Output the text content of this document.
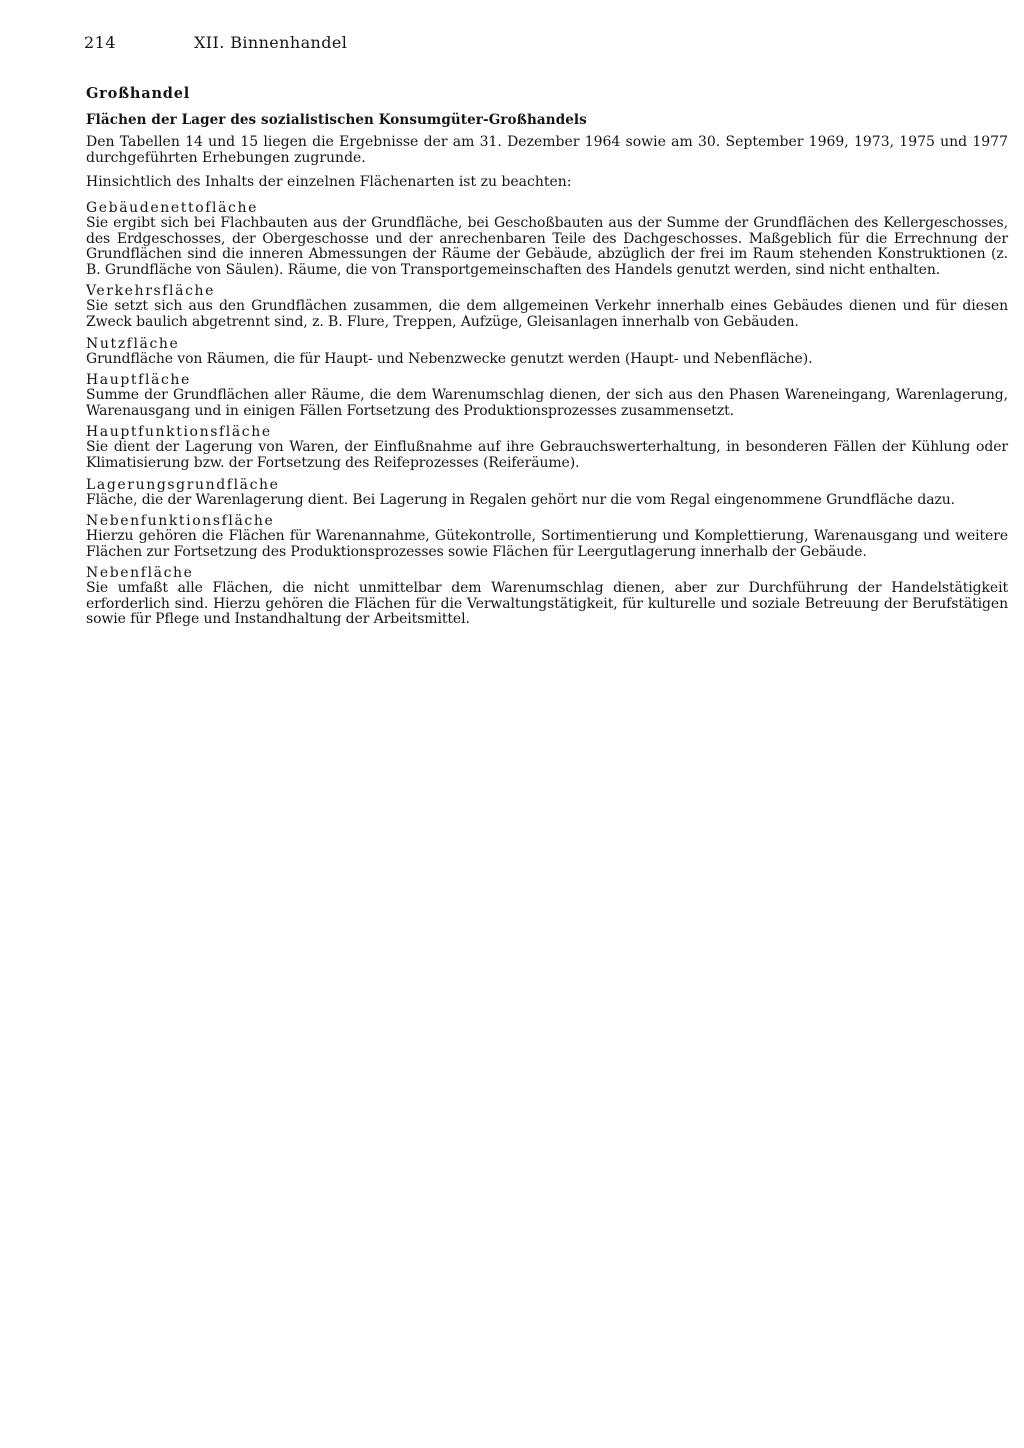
214	XII. Binnenhandel
Großhandel
Flächen der Lager des sozialistischen Konsumgüter-Großhandels

Den Tabellen 14 und 15 liegen die Ergebnisse der am 31. Dezember 1964 sowie am 30. September 1969, 1973, 1975 und 1977 durchgeführten Erhebungen zugrunde.

Hinsichtlich des Inhalts der einzelnen Flächenarten ist zu beachten:

Gebäudenettofläche
Sie ergibt sich bei Flachbauten aus der Grundfläche, bei Geschoßbauten aus der Summe der Grundflächen des Kellergeschosses, des Erdgeschosses, der Obergeschosse und der anrechenbaren Teile des Dachgeschosses. Maßgeblich für die Errechnung der Grundflächen sind die inneren Abmessungen der Räume der Gebäude, abzüglich der frei im Raum stehenden Konstruktionen (z. B. Grundfläche von Säulen). Räume, die von Transportgemeinschaften des Handels genutzt werden, sind nicht enthalten.
Verkehrsfläche
Sie setzt sich aus den Grundflächen zusammen, die dem allgemeinen Verkehr innerhalb eines Gebäudes dienen und für diesen Zweck baulich abgetrennt sind, z. B. Flure, Treppen, Aufzüge, Gleisanlagen innerhalb von Gebäuden.
Nutzfläche
Grundfläche von Räumen, die für Haupt- und Nebenzwecke genutzt werden (Haupt- und Nebenfläche).
Hauptfläche
Summe der Grundflächen aller Räume, die dem Warenumschlag dienen, der sich aus den Phasen Wareneingang, Warenlagerung, Warenausgang und in einigen Fällen Fortsetzung des Produktionsprozesses zusammensetzt.
Hauptfunktionsfläche
Sie dient der Lagerung von Waren, der Einflußnahme auf ihre Gebrauchswerterhaltung, in besonderen Fällen der Kühlung oder Klimatisierung bzw. der Fortsetzung des Reifeprozesses (Reiferäume).
Lagerungsgrundfläche
Fläche, die der Warenlagerung dient. Bei Lagerung in Regalen gehört nur die vom Regal eingenommene Grundfläche dazu.
Nebenfunktionsfläche
Hierzu gehören die Flächen für Warenannahme, Gütekontrolle, Sortimentierung und Komplettierung, Warenausgang und weitere Flächen zur Fortsetzung des Produktionsprozesses sowie Flächen für Leergutlagerung innerhalb der Gebäude.
Nebenfläche
Sie umfaßt alle Flächen, die nicht unmittelbar dem Warenumschlag dienen, aber zur Durchführung der Handelstätigkeit erforderlich sind. Hierzu gehören die Flächen für die Verwaltungstätigkeit, für kulturelle und soziale Betreuung der Berufstätigen sowie für Pflege und Instandhaltung der Arbeitsmittel.
